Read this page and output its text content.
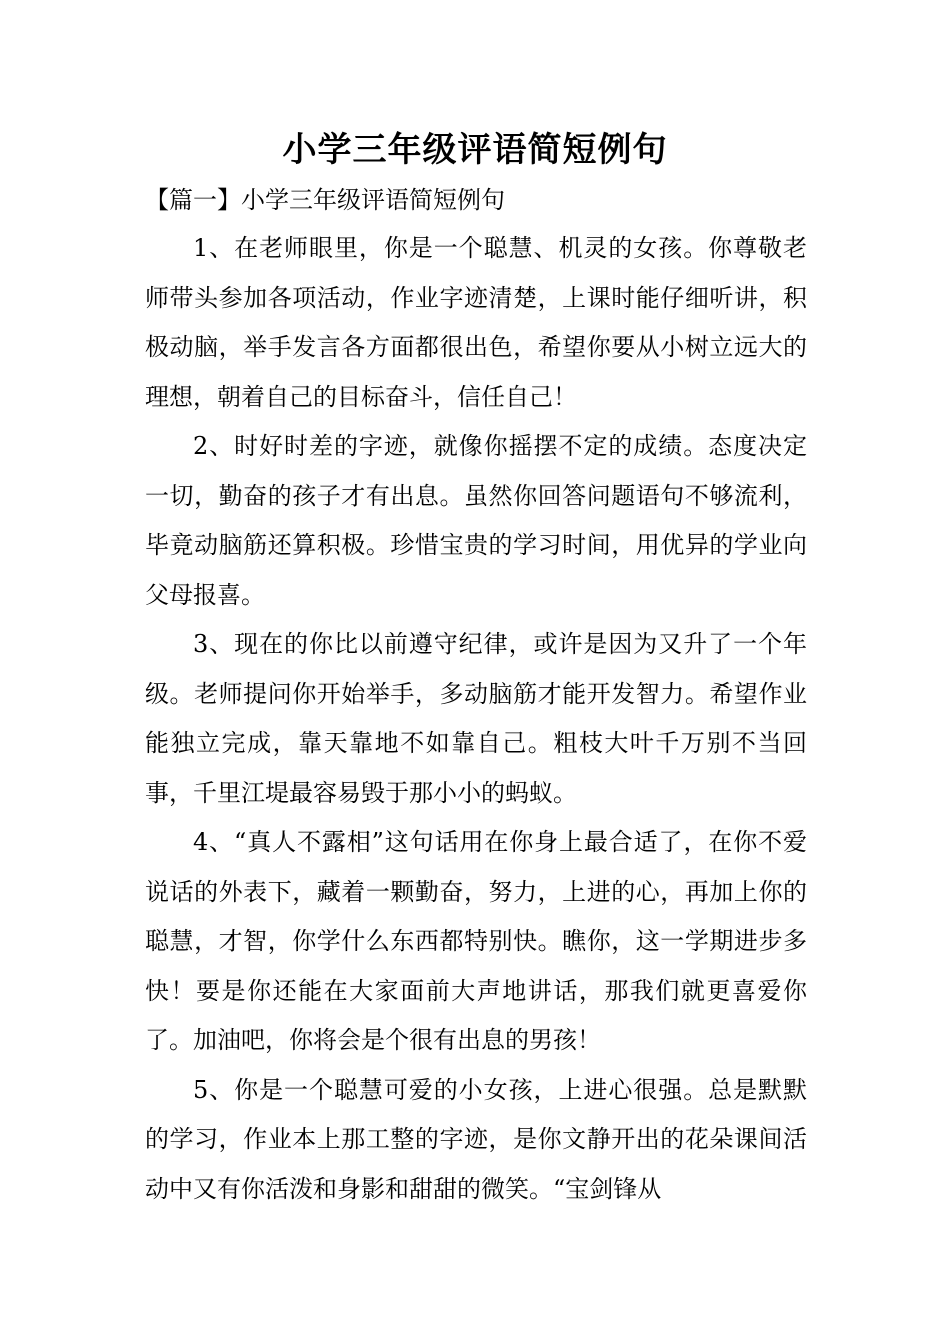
小学三年级评语简短例句
【篇一】小学三年级评语简短例句

1、在老师眼里，你是一个聪慧、机灵的女孩。你尊敬老师带头参加各项活动，作业字迹清楚，上课时能仔细听讲，积极动脑，举手发言各方面都很出色，希望你要从小树立远大的理想，朝着自己的目标奋斗，信任自己！

2、时好时差的字迹，就像你摇摆不定的成绩。态度决定一切，勤奋的孩子才有出息。虽然你回答问题语句不够流利，毕竟动脑筋还算积极。珍惜宝贵的学习时间，用优异的学业向父母报喜。

3、现在的你比以前遵守纪律，或许是因为又升了一个年级。老师提问你开始举手，多动脑筋才能开发智力。希望作业能独立完成，靠天靠地不如靠自己。粗枝大叶千万别不当回事，千里江堤最容易毁于那小小的蚂蚁。

4、“真人不露相”这句话用在你身上最合适了，在你不爱说话的外表下，藏着一颗勤奋，努力，上进的心，再加上你的聪慧，才智，你学什么东西都特别快。瞧你，这一学期进步多快！要是你还能在大家面前大声地讲话，那我们就更喜爱你了。加油吧，你将会是个很有出息的男孩！

5、你是一个聪慧可爱的小女孩，上进心很强。总是默默的学习，作业本上那工整的字迹，是你文静开出的花朵课间活动中又有你活泼和身影和甜甜的微笑。“宝剑锋从
